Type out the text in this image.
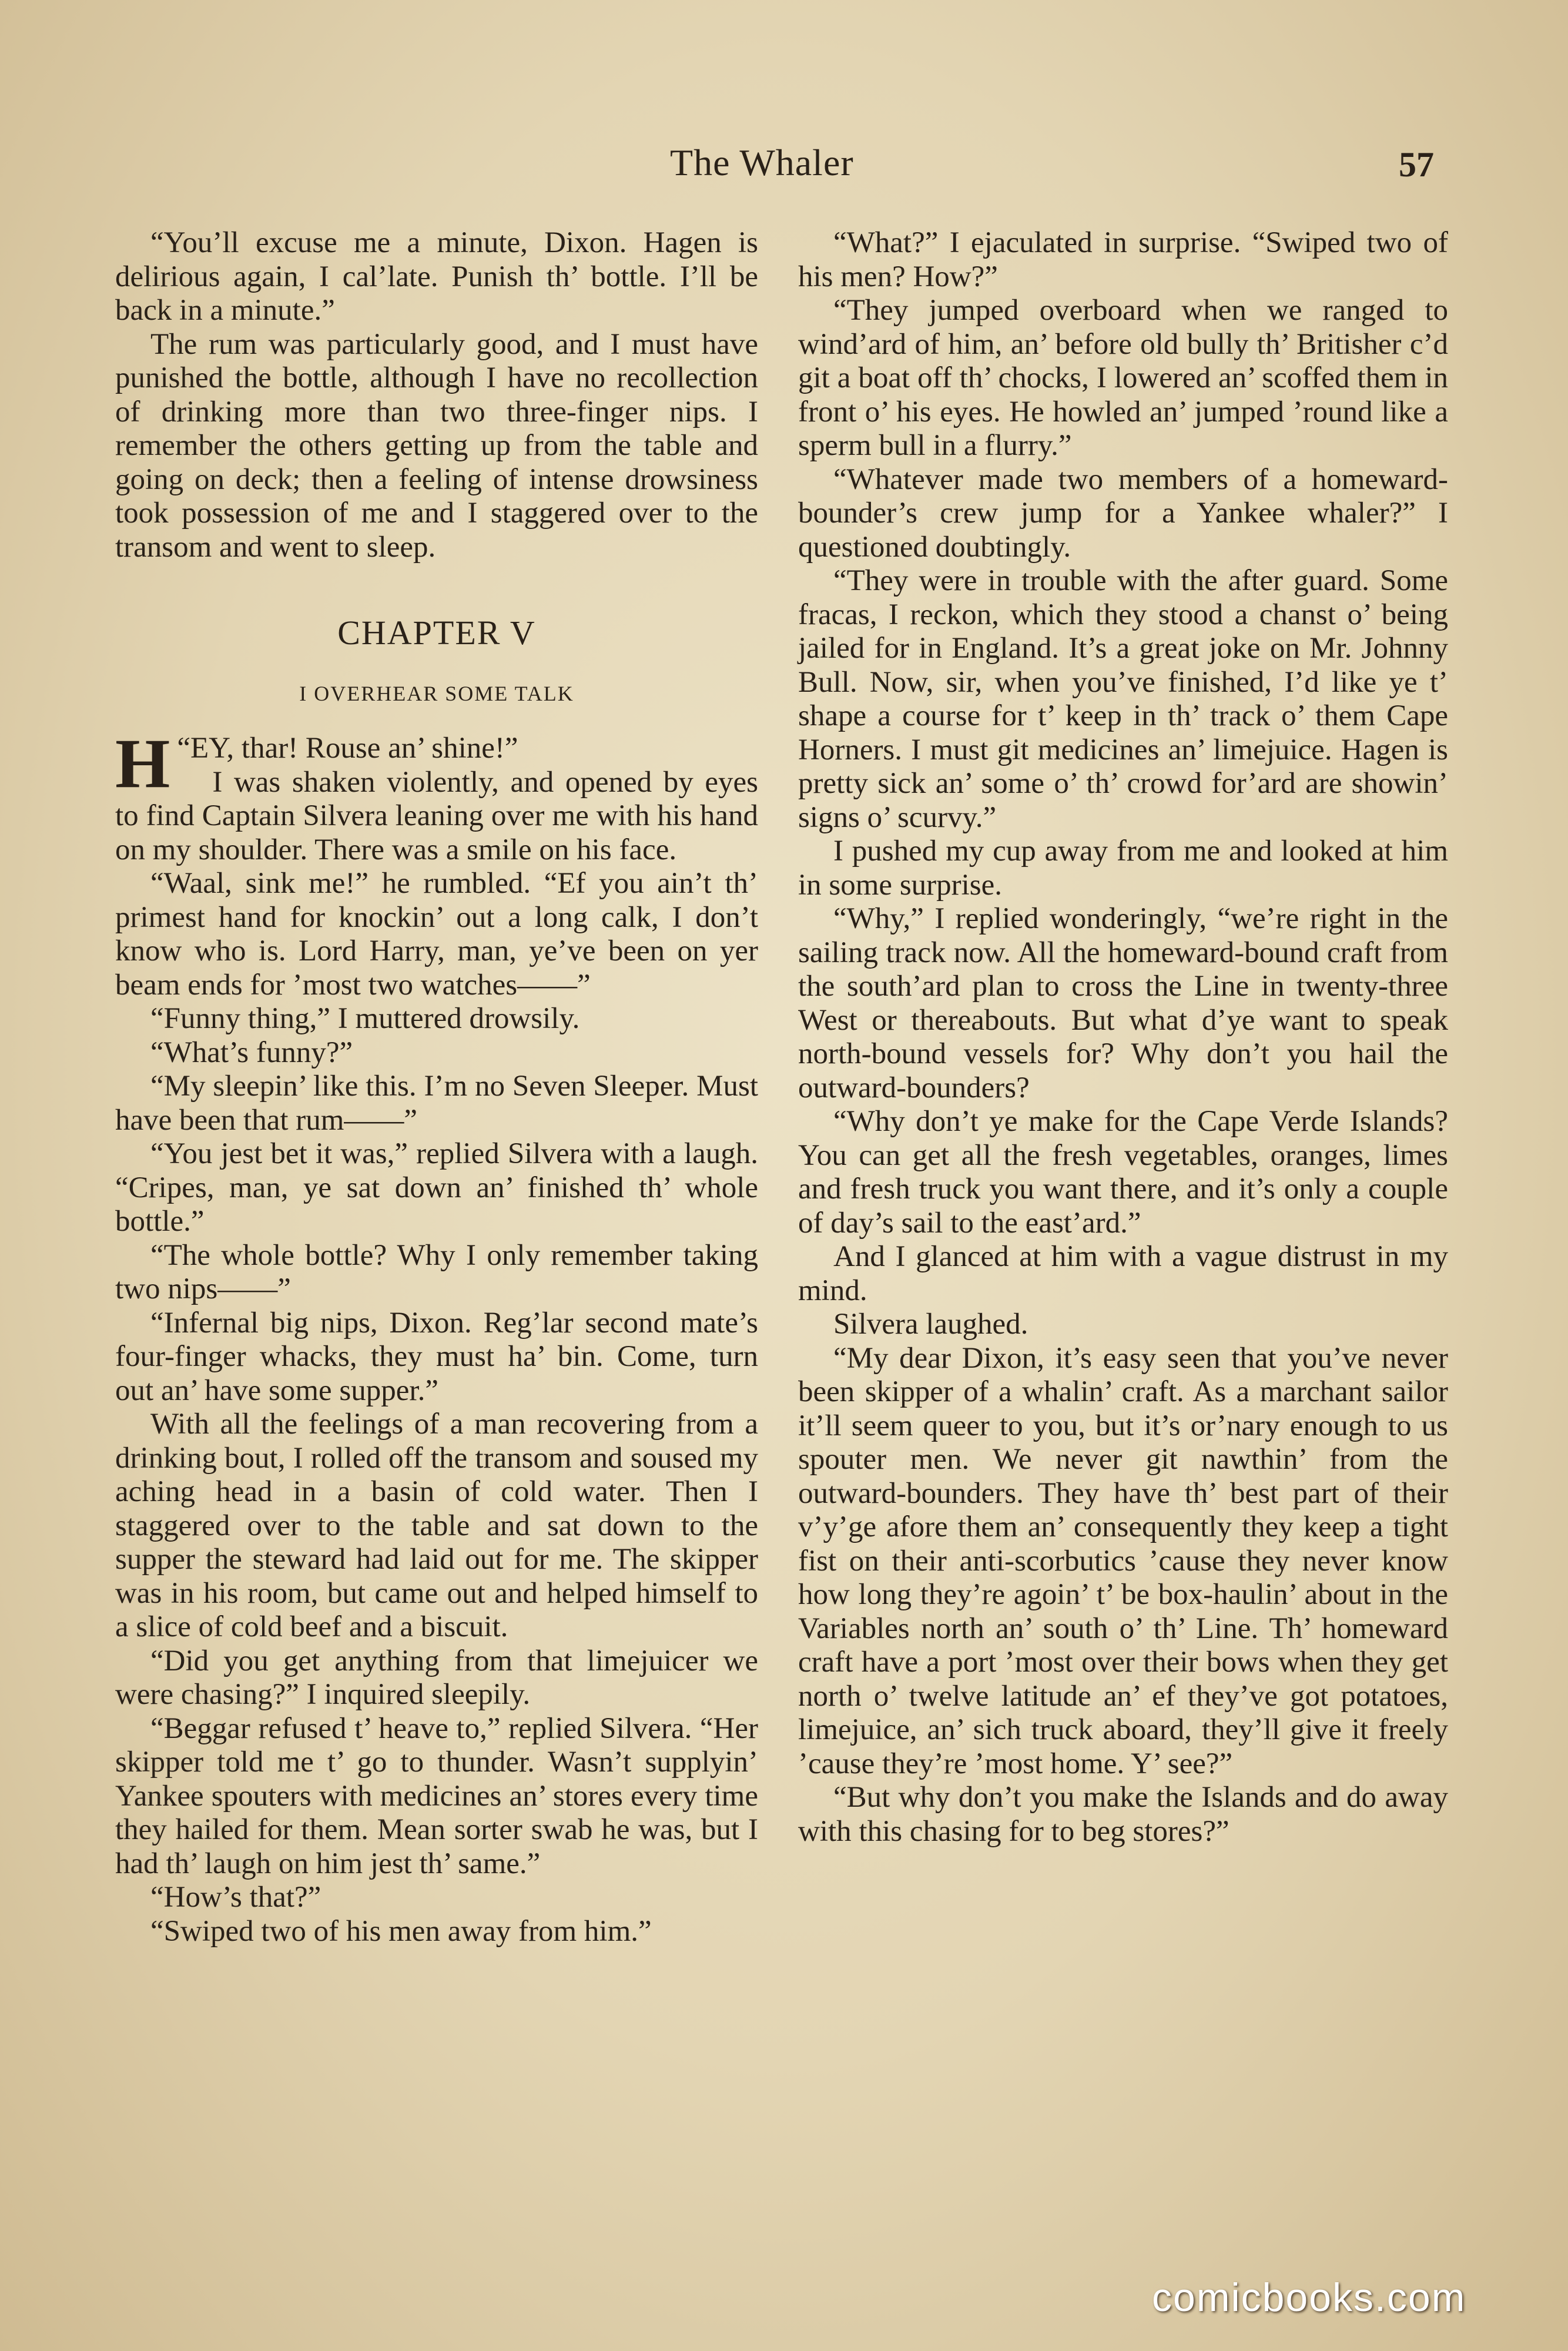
The Whaler	57

“You’ll excuse me a minute, Dixon. Hagen is delirious again, I cal’late. Punish th’ bottle. I’ll be back in a minute.”

The rum was particularly good, and I must have punished the bottle, although I have no recollection of drinking more than two three-finger nips. I remember the others getting up from the table and going on deck; then a feeling of intense drowsiness took possession of me and I staggered over to the transom and went to sleep.

CHAPTER V
I OVERHEAR SOME TALK

“
H EY, thar! Rouse an’ shine!”

I was shaken violently, and opened by eyes to find Captain Silvera leaning over me with his hand on my shoulder. There was a smile on his face.

“Waal, sink me!” he rumbled. “Ef you ain’t th’ primest hand for knockin’ out a long calk, I don’t know who is. Lord Harry, man, ye’ve been on yer beam ends for ’most two watches——”

“Funny thing,” I muttered drowsily.

“What’s funny?”

“My sleepin’ like this. I’m no Seven Sleeper. Must have been that rum——”

“You jest bet it was,” replied Silvera with a laugh. “Cripes, man, ye sat down an’ finished th’ whole bottle.”

“The whole bottle? Why I only remember taking two nips——”

“Infernal big nips, Dixon. Reg’lar second mate’s four-finger whacks, they must ha’ bin. Come, turn out an’ have some supper.”

With all the feelings of a man recovering from a drinking bout, I rolled off the transom and soused my aching head in a basin of cold water. Then I staggered over to the table and sat down to the supper the steward had laid out for me. The skipper was in his room, but came out and helped himself to a slice of cold beef and a biscuit.

“Did you get anything from that limejuicer we were chasing?” I inquired sleepily.

“Beggar refused t’ heave to,” replied Silvera. “Her skipper told me t’ go to thunder. Wasn’t supplyin’ Yankee spouters with medicines an’ stores every time they hailed for them. Mean sorter swab he was, but I had th’ laugh on him jest th’ same.”

“How’s that?”

“Swiped two of his men away from him.”

“What?” I ejaculated in surprise. “Swiped two of his men? How?”

“They jumped overboard when we ranged to wind’ard of him, an’ before old bully th’ Britisher c’d git a boat off th’ chocks, I lowered an’ scoffed them in front o’ his eyes. He howled an’ jumped ’round like a sperm bull in a flurry.”

“Whatever made two members of a homeward-bounder’s crew jump for a Yankee whaler?” I questioned doubtingly.

“They were in trouble with the after guard. Some fracas, I reckon, which they stood a chanst o’ being jailed for in England. It’s a great joke on Mr. Johnny Bull. Now, sir, when you’ve finished, I’d like ye t’ shape a course for t’ keep in th’ track o’ them Cape Horners. I must git medicines an’ limejuice. Hagen is pretty sick an’ some o’ th’ crowd for’ard are showin’ signs o’ scurvy.”

I pushed my cup away from me and looked at him in some surprise.

“Why,” I replied wonderingly, “we’re right in the sailing track now. All the homeward-bound craft from the south’ard plan to cross the Line in twenty-three West or thereabouts. But what d’ye want to speak north-bound vessels for? Why don’t you hail the outward-bounders?

“Why don’t ye make for the Cape Verde Islands? You can get all the fresh vegetables, oranges, limes and fresh truck you want there, and it’s only a couple of day’s sail to the east’ard.”

And I glanced at him with a vague distrust in my mind.

Silvera laughed.

“My dear Dixon, it’s easy seen that you’ve never been skipper of a whalin’ craft. As a marchant sailor it’ll seem queer to you, but it’s or’nary enough to us spouter men. We never git nawthin’ from the outward-bounders. They have th’ best part of their v’y’ge afore them an’ consequently they keep a tight fist on their anti-scorbutics ’cause they never know how long they’re agoin’ t’ be box-haulin’ about in the Variables north an’ south o’ th’ Line. Th’ homeward craft have a port ’most over their bows when they get north o’ twelve latitude an’ ef they’ve got potatoes, limejuice, an’ sich truck aboard, they’ll give it freely ’cause they’re ’most home. Y’ see?”

“But why don’t you make the Islands and do away with this chasing for to beg stores?”

comicbooks.com
